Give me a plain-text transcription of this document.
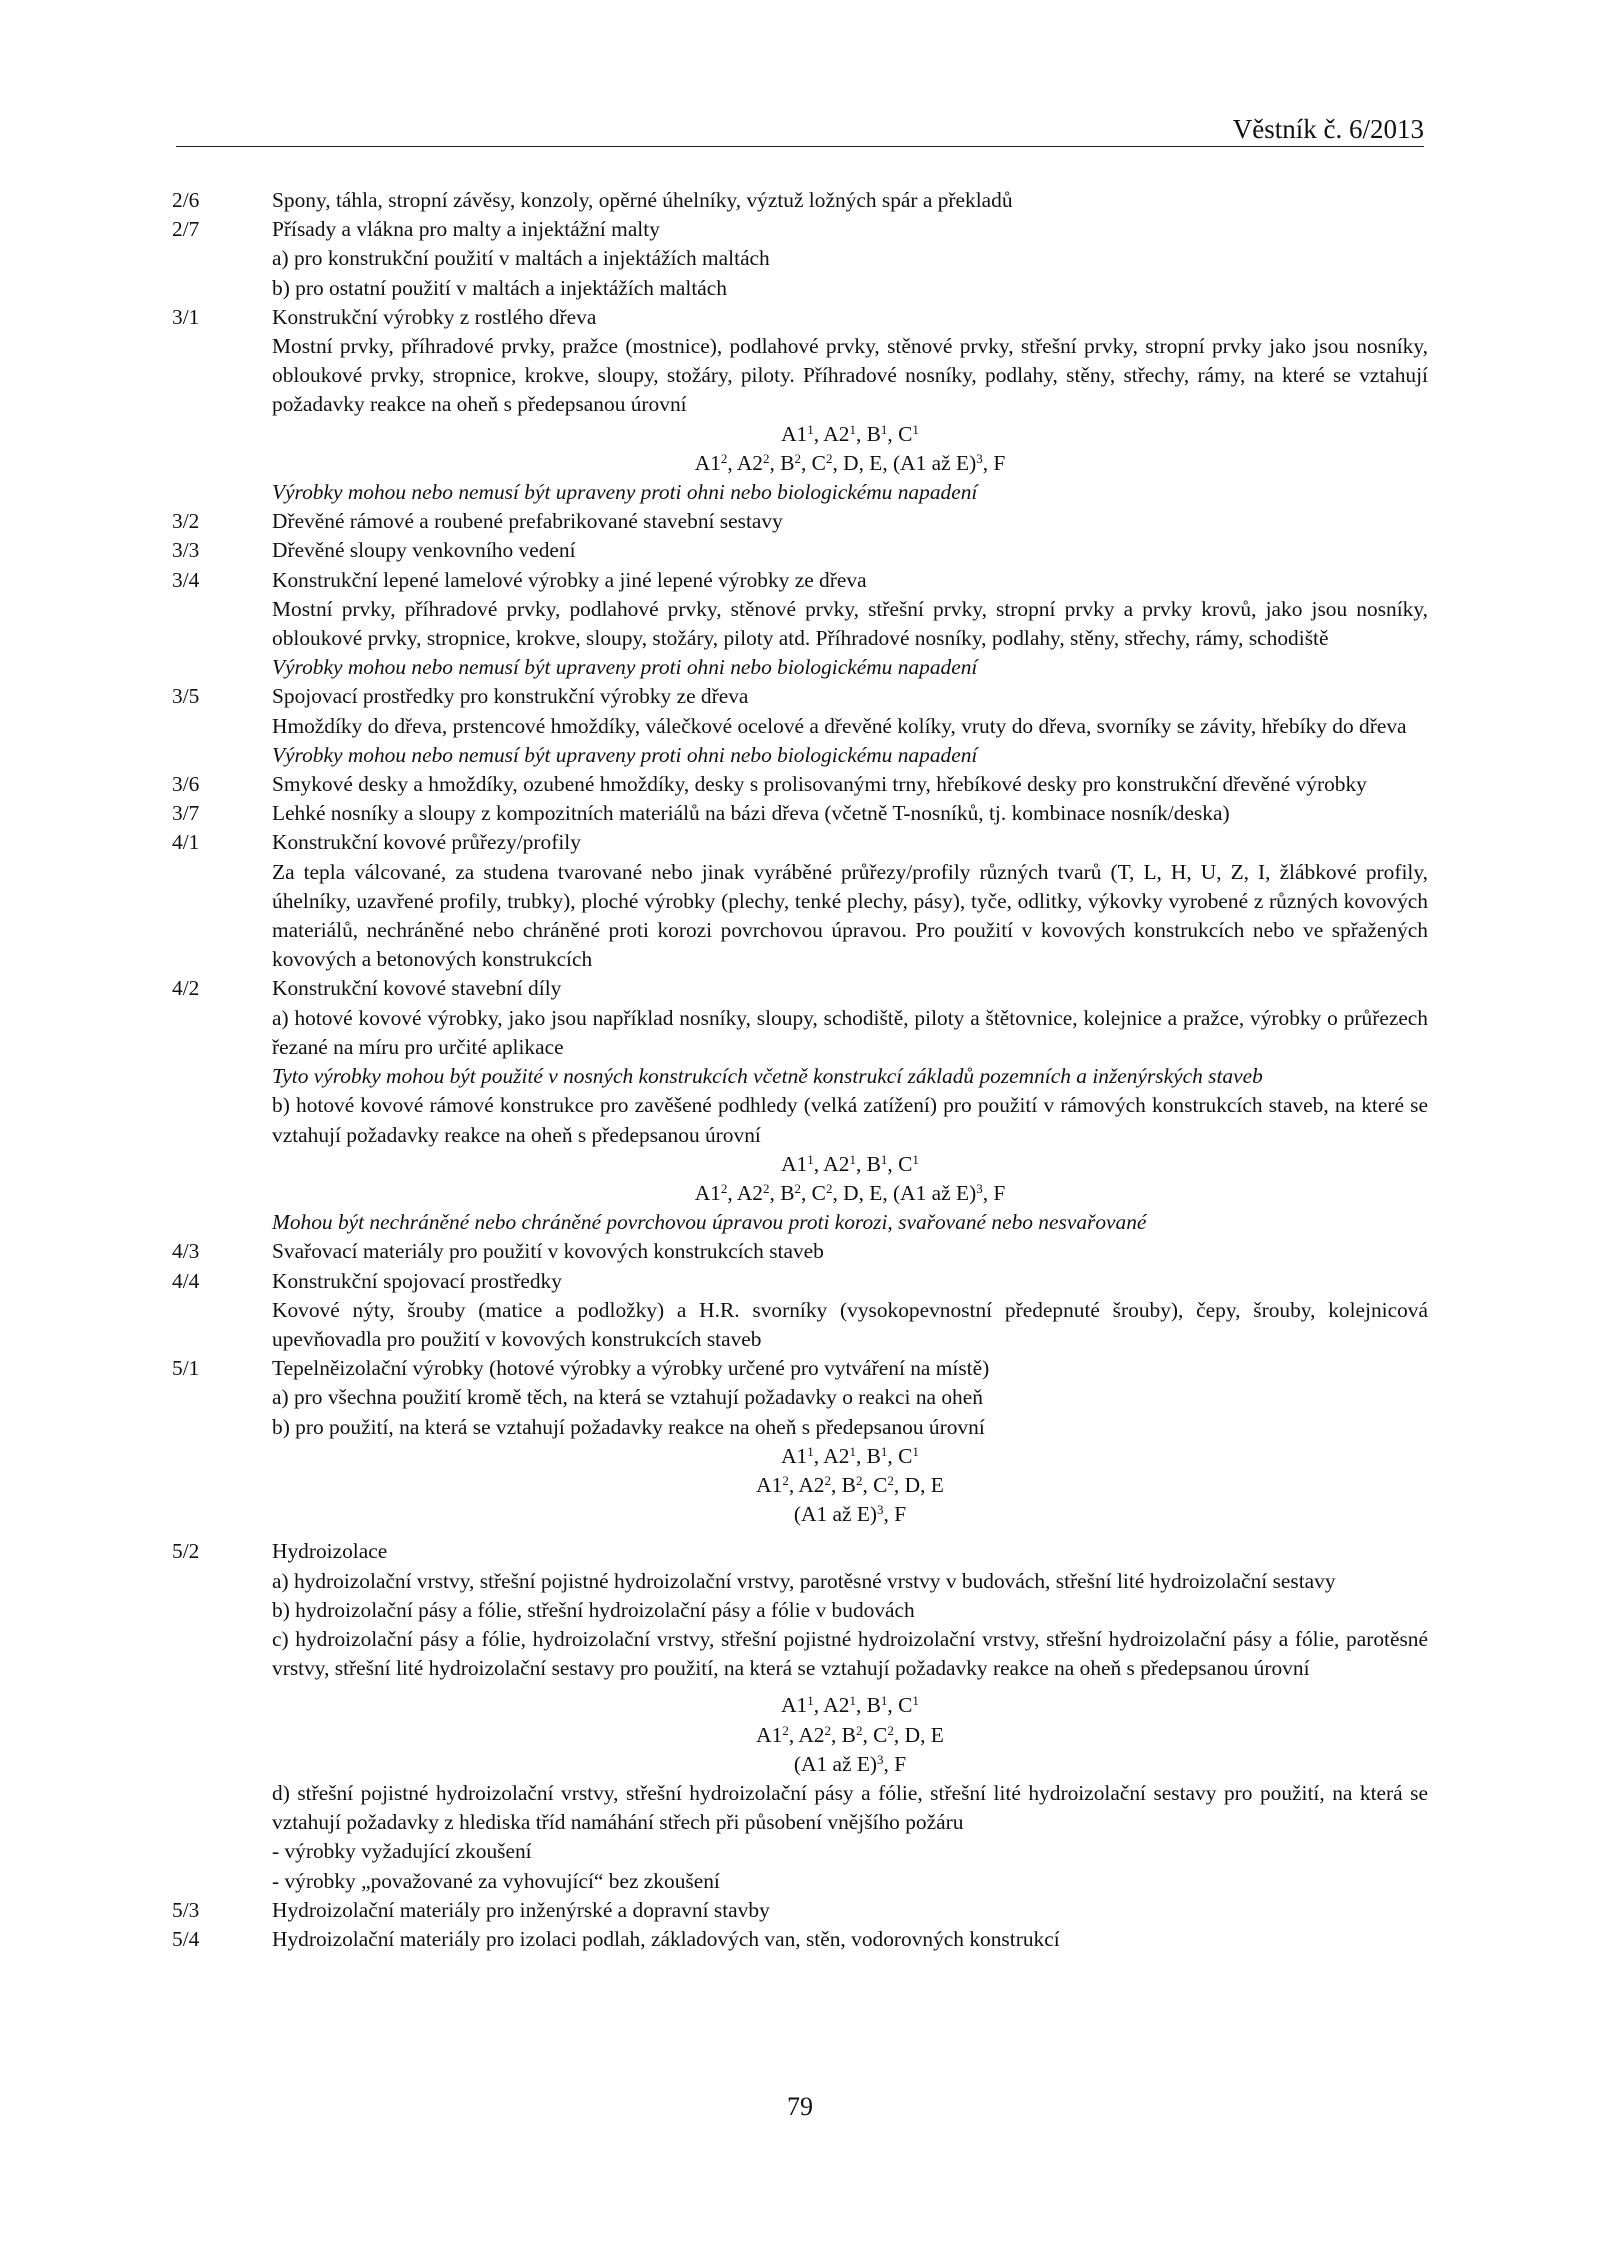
Věstník č. 6/2013
2/6	Spony, táhla, stropní závěsy, konzoly, opěrné úhelníky, výztuž ložných spár a překladů
2/7	Přísady a vlákna pro malty a injektážní malty
a) pro konstrukční použití v maltách a injektážích maltách
b) pro ostatní použití v maltách a injektážích maltách
3/1	Konstrukční výrobky z rostlého dřeva
Mostní prvky, příhradové prvky, pražce (mostnice), podlahové prvky, stěnové prvky, střešní prvky, stropní prvky jako jsou nosníky, obloukové prvky, stropnice, krokve, sloupy, stožáry, piloty. Příhradové nosníky, podlahy, stěny, střechy, rámy, na které se vztahují požadavky reakce na oheň s předepsanou úrovní
$A1^1$, $A2^1$, $B^1$, $C^1$
$A1^2$, $A2^2$, $B^2$, $C^2$, D, E, (A1 až E)$^3$, F
Výrobky mohou nebo nemusí být upraveny proti ohni nebo biologickému napadení
3/2	Dřevěné rámové a roubené prefabrikované stavební sestavy
3/3	Dřevěné sloupy venkovního vedení
3/4	Konstrukční lepené lamelové výrobky a jiné lepené výrobky ze dřeva
Mostní prvky, příhradové prvky, podlahové prvky, stěnové prvky, střešní prvky, stropní prvky a prvky krovů, jako jsou nosníky, obloukové prvky, stropnice, krokve, sloupy, stožáry, piloty atd. Příhradové nosníky, podlahy, stěny, střechy, rámy, schodiště
Výrobky mohou nebo nemusí být upraveny proti ohni nebo biologickému napadení
3/5	Spojovací prostředky pro konstrukční výrobky ze dřeva
Hmoždíky do dřeva, prstencové hmoždíky, válečkové ocelové a dřevěné kolíky, vruty do dřeva, svorníky se závity, hřebíky do dřeva
Výrobky mohou nebo nemusí být upraveny proti ohni nebo biologickému napadení
3/6	Smykové desky a hmoždíky, ozubené hmoždíky, desky s prolisovanými trny, hřebíkové desky pro konstrukční dřevěné výrobky
3/7	Lehké nosníky a sloupy z kompozitních materiálů na bázi dřeva (včetně T-nosníků, tj. kombinace nosník/deska)
4/1	Konstrukční kovové průřezy/profily
Za tepla válcované, za studena tvarované nebo jinak vyráběné průřezy/profily různých tvarů (T, L, H, U, Z, I, žlábkové profily, úhelníky, uzavřené profily, trubky), ploché výrobky (plechy, tenké plechy, pásy), tyče, odlitky, výkovky vyrobené z různých kovových materiálů, nechráněné nebo chráněné proti korozi povrchovou úpravou. Pro použití v kovových konstrukcích nebo ve spřažených kovových a betonových konstrukcích
4/2	Konstrukční kovové stavební díly
a) hotové kovové výrobky, jako jsou například nosníky, sloupy, schodiště, piloty a štětovnice, kolejnice a pražce, výrobky o průřezech řezané na míru pro určité aplikace
Tyto výrobky mohou být použité v nosných konstrukcích včetně konstrukcí základů pozemních a inženýrských staveb
b) hotové kovové rámové konstrukce pro zavěšené podhledy (velká zatížení) pro použití v rámových konstrukcích staveb, na které se vztahují požadavky reakce na oheň s předepsanou úrovní
$A1^1$, $A2^1$, $B^1$, $C^1$
$A1^2$, $A2^2$, $B^2$, $C^2$, D, E, (A1 až E)$^3$, F
Mohou být nechráněné nebo chráněné povrchovou úpravou proti korozi, svařované nebo nesvařované
4/3	Svařovací materiály pro použití v kovových konstrukcích staveb
4/4	Konstrukční spojovací prostředky
Kovové nýty, šrouby (matice a podložky) a H.R. svorníky (vysokopevnostní předepnuté šrouby), čepy, šrouby, kolejnicová upevňovadla pro použití v kovových konstrukcích staveb
5/1	Tepelněizolační výrobky (hotové výrobky a výrobky určené pro vytváření na místě)
a) pro všechna použití kromě těch, na která se vztahují požadavky o reakci na oheň
b) pro použití, na která se vztahují požadavky reakce na oheň s předepsanou úrovní
$A1^1$, $A2^1$, $B^1$, $C^1$
$A1^2$, $A2^2$, $B^2$, $C^2$, D, E
(A1 až E)$^3$, F
5/2	Hydroizolace
a) hydroizolační vrstvy, střešní pojistné hydroizolační vrstvy, parotěsné vrstvy v budovách, střešní lité hydroizolační sestavy
b) hydroizolační pásy a fólie, střešní hydroizolační pásy a fólie v budovách
c) hydroizolační pásy a fólie, hydroizolační vrstvy, střešní pojistné hydroizolační vrstvy, střešní hydroizolační pásy a fólie, parotěsné vrstvy, střešní lité hydroizolační sestavy pro použití, na která se vztahují požadavky reakce na oheň s předepsanou úrovní
$A1^1$, $A2^1$, $B^1$, $C^1$
$A1^2$, $A2^2$, $B^2$, $C^2$, D, E
(A1 až E)$^3$, F
d) střešní pojistné hydroizolační vrstvy, střešní hydroizolační pásy a fólie, střešní lité hydroizolační sestavy pro použití, na která se vztahují požadavky z hlediska tříd namáhání střech při působení vnějšího požáru
- výrobky vyžadující zkoušení
- výrobky „považované za vyhovující“ bez zkoušení
5/3	Hydroizolační materiály pro inženýrské a dopravní stavby
5/4	Hydroizolační materiály pro izolaci podlah, základových van, stěn, vodorovných konstrukcí
79
